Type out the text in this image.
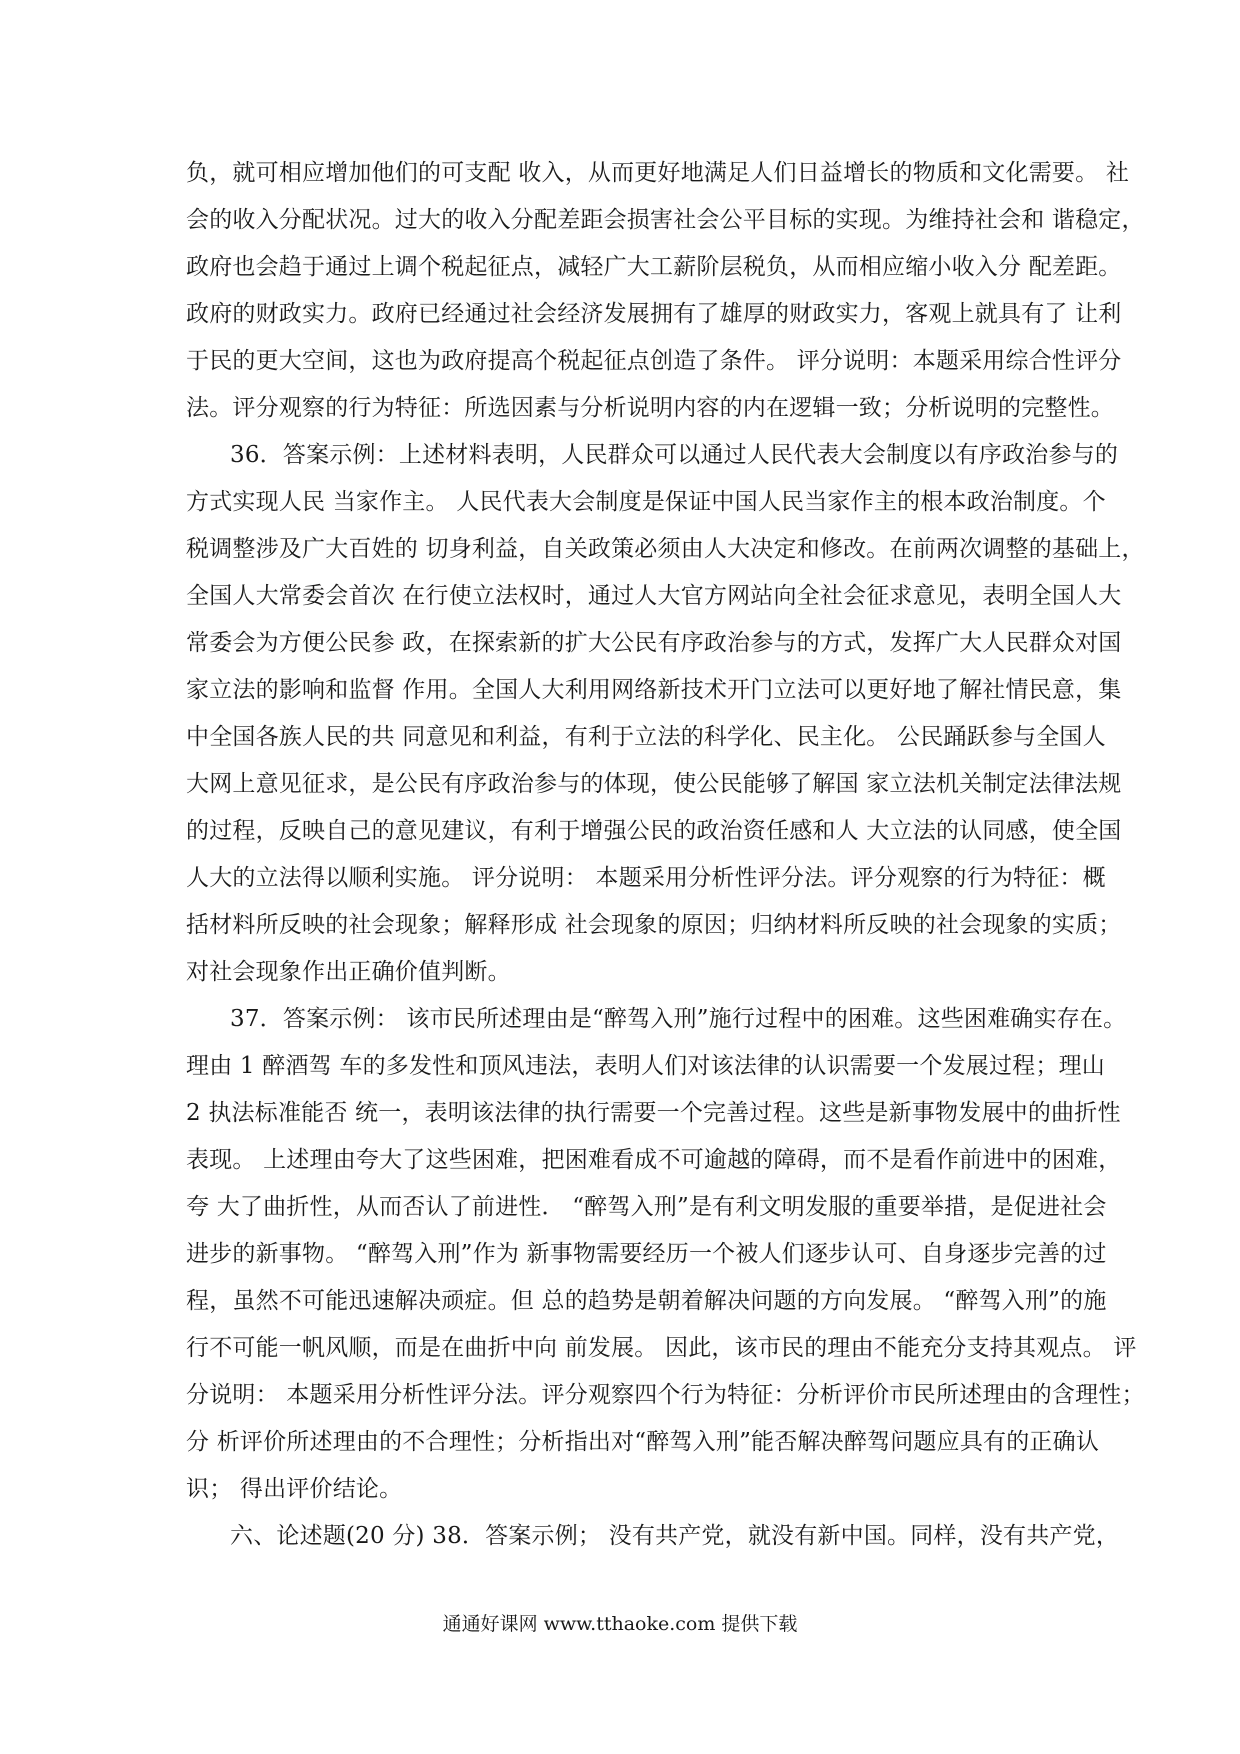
负，就可相应增加他们的可支配 收入，从而更好地满足人们日益增长的物质和文化需要。 社
会的收入分配状况。过大的收入分配差距会损害社会公平目标的实现。为维持社会和 谐稳定，
政府也会趋于通过上调个税起征点，减轻广大工薪阶层税负，从而相应缩小收入分 配差距。
政府的财政实力。政府已经通过社会经济发展拥有了雄厚的财政实力，客观上就具有了 让利
于民的更大空间，这也为政府提高个税起征点创造了条件。 评分说明：本题采用综合性评分
法。评分观察的行为特征：所选因素与分析说明内容的内在逻辑一致；分析说明的完整性。
36．答案示例：上述材料表明，人民群众可以通过人民代表大会制度以有序政治参与的
方式实现人民 当家作主。 人民代表大会制度是保证中国人民当家作主的根本政治制度。个
税调整涉及广大百姓的 切身利益，自关政策必须由人大决定和修改。在前两次调整的基础上，
全国人大常委会首次 在行使立法权时，通过人大官方网站向全社会征求意见，表明全国人大
常委会为方便公民参 政，在探索新的扩大公民有序政治参与的方式，发挥广大人民群众对国
家立法的影响和监督 作用。全国人大利用网络新技术开门立法可以更好地了解社情民意，集
中全国各族人民的共 同意见和利益，有利于立法的科学化、民主化。 公民踊跃参与全国人
大网上意见征求，是公民有序政治参与的体现，使公民能够了解国 家立法机关制定法律法规
的过程，反映自己的意见建议，有利于增强公民的政治资任感和人 大立法的认同感，使全国
人大的立法得以顺利实施。 评分说明： 本题采用分析性评分法。评分观察的行为特征：概
括材料所反映的社会现象；解释形成 社会现象的原因；归纳材料所反映的社会现象的实质；
对社会现象作出正确价值判断。
37．答案示例： 该市民所述理由是“醉驾入刑”施行过程中的困难。这些困难确实存在。
理由 1 醉酒驾 车的多发性和顶风违法，表明人们对该法律的认识需要一个发展过程；理山
2 执法标准能否 统一，表明该法律的执行需要一个完善过程。这些是新事物发展中的曲折性
表现。 上述理由夸大了这些困难，把困难看成不可逾越的障碍，而不是看作前进中的困难，
夸 大了曲折性，从而否认了前进性． “醉驾入刑”是有利文明发服的重要举措，是促进社会
进步的新事物。 “醉驾入刑”作为 新事物需要经历一个被人们逐步认可、自身逐步完善的过
程，虽然不可能迅速解决顽症。但 总的趋势是朝着解决问题的方向发展。 “醉驾入刑”的施
行不可能一帆风顺，而是在曲折中向 前发展。 因此，该市民的理由不能充分支持其观点。 评
分说明： 本题采用分析性评分法。评分观察四个行为特征：分析评价市民所述理由的含理性；
分 析评价所述理由的不合理性；分析指出对“醉驾入刑”能否解决醉驾问题应具有的正确认
识； 得出评价结论。
六、论述题(20 分) 38．答案示例； 没有共产党，就没有新中国。同样，没有共产党，
通通好课网 www.tthaoke.com 提供下载
